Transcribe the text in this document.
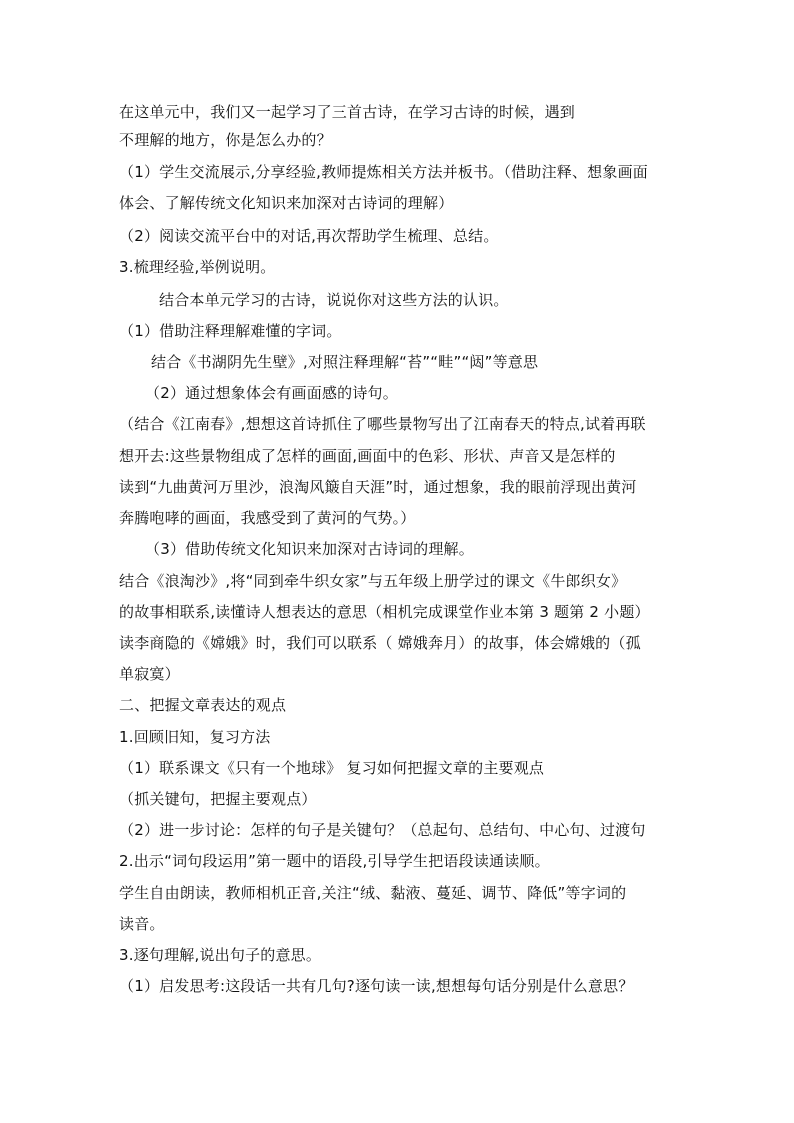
在这单元中，我们又一起学习了三首古诗，在学习古诗的时候，遇到
不理解的地方，你是怎么办的？
（1）学生交流展示,分享经验,教师提炼相关方法并板书。（借助注释、想象画面
体会、了解传统文化知识来加深对古诗词的理解）
（2）阅读交流平台中的对话,再次帮助学生梳理、总结。
3.梳理经验,举例说明。
结合本单元学习的古诗，说说你对这些方法的认识。
（1）借助注释理解难懂的字词。
结合《书湖阴先生壁》,对照注释理解“苔”“畦”“闼”等意思
（2）通过想象体会有画面感的诗句。
（结合《江南春》,想想这首诗抓住了哪些景物写出了江南春天的特点,试着再联
想开去:这些景物组成了怎样的画面,画面中的色彩、形状、声音又是怎样的
读到“九曲黄河万里沙，浪淘风簸自天涯”时，通过想象，我的眼前浮现出黄河
奔腾咆哮的画面，我感受到了黄河的气势。）
（3）借助传统文化知识来加深对古诗词的理解。
结合《浪淘沙》,将“同到牵牛织女家”与五年级上册学过的课文《牛郎织女》
的故事相联系,读懂诗人想表达的意思（相机完成课堂作业本第 3 题第 2 小题）
读李商隐的《嫦娥》时，我们可以联系（ 嫦娥奔月）的故事，体会嫦娥的（孤
单寂寞）
二、把握文章表达的观点
1.回顾旧知，复习方法
（1）联系课文《只有一个地球》 复习如何把握文章的主要观点
（抓关键句，把握主要观点）
（2）进一步讨论：怎样的句子是关键句？（总起句、总结句、中心句、过渡句
2.出示“词句段运用”第一题中的语段,引导学生把语段读通读顺。
学生自由朗读，教师相机正音,关注“绒、黏液、蔓延、调节、降低”等字词的
读音。
3.逐句理解,说出句子的意思。
（1）启发思考:这段话一共有几句?逐句读一读,想想每句话分别是什么意思？
